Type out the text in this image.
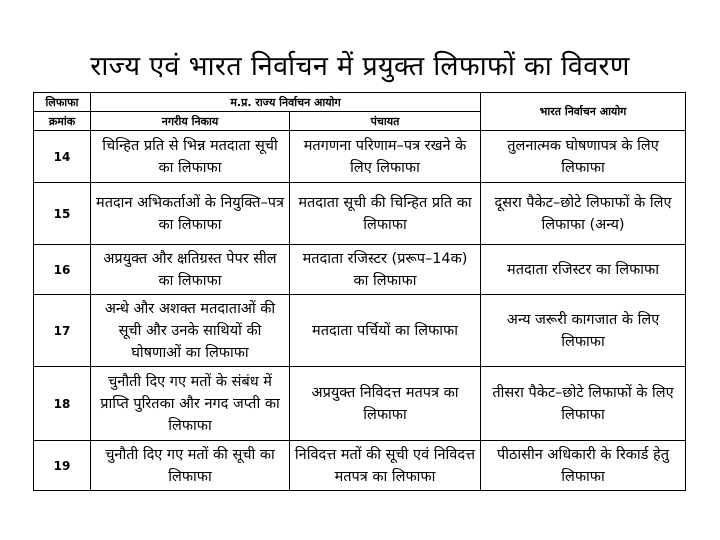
राज्य एवं भारत निर्वाचन में प्रयुक्त लिफाफों का विवरण
लिफाफा	म.प्र. राज्य निर्वाचन आयोग		भारत निर्वाचन आयोग
क्रमांक	नगरीय निकाय	पंचायत	
14	चिन्हित प्रति से भिन्न मतदाता सूची का लिफाफा	मतगणना परिणाम–पत्र रखने के लिए लिफाफा	तुलनात्मक घोषणापत्र के लिए लिफाफा
15	मतदान अभिकर्ताओं के नियुक्ति–पत्र का लिफाफा	मतदाता सूची की चिन्हित प्रति का लिफाफा	दूसरा पैकेट–छोटे लिफाफों के लिए लिफाफा (अन्य)
16	अप्रयुक्त और क्षतिग्रस्त पेपर सील का लिफाफा	मतदाता रजिस्टर (प्ररूप–14क) का लिफाफा	मतदाता रजिस्टर का लिफाफा
17	अन्धे और अशक्त मतदाताओं की सूची और उनके साथियों की घोषणाओं का लिफाफा	मतदाता पर्चियों का लिफाफा	अन्य जरूरी कागजात के लिए लिफाफा
18	चुनौती दिए गए मतों के संबंध में प्राप्ति पुरितका और नगद जप्ती का लिफाफा	अप्रयुक्त निविदत्त मतपत्र का लिफाफा	तीसरा पैकेट–छोटे लिफाफों के लिए लिफाफा
19	चुनौती दिए गए मतों की सूची का लिफाफा	निविदत्त मतों की सूची एवं निविदत्त मतपत्र का लिफाफा	पीठासीन अधिकारी के रिकार्ड हेतु लिफाफा
